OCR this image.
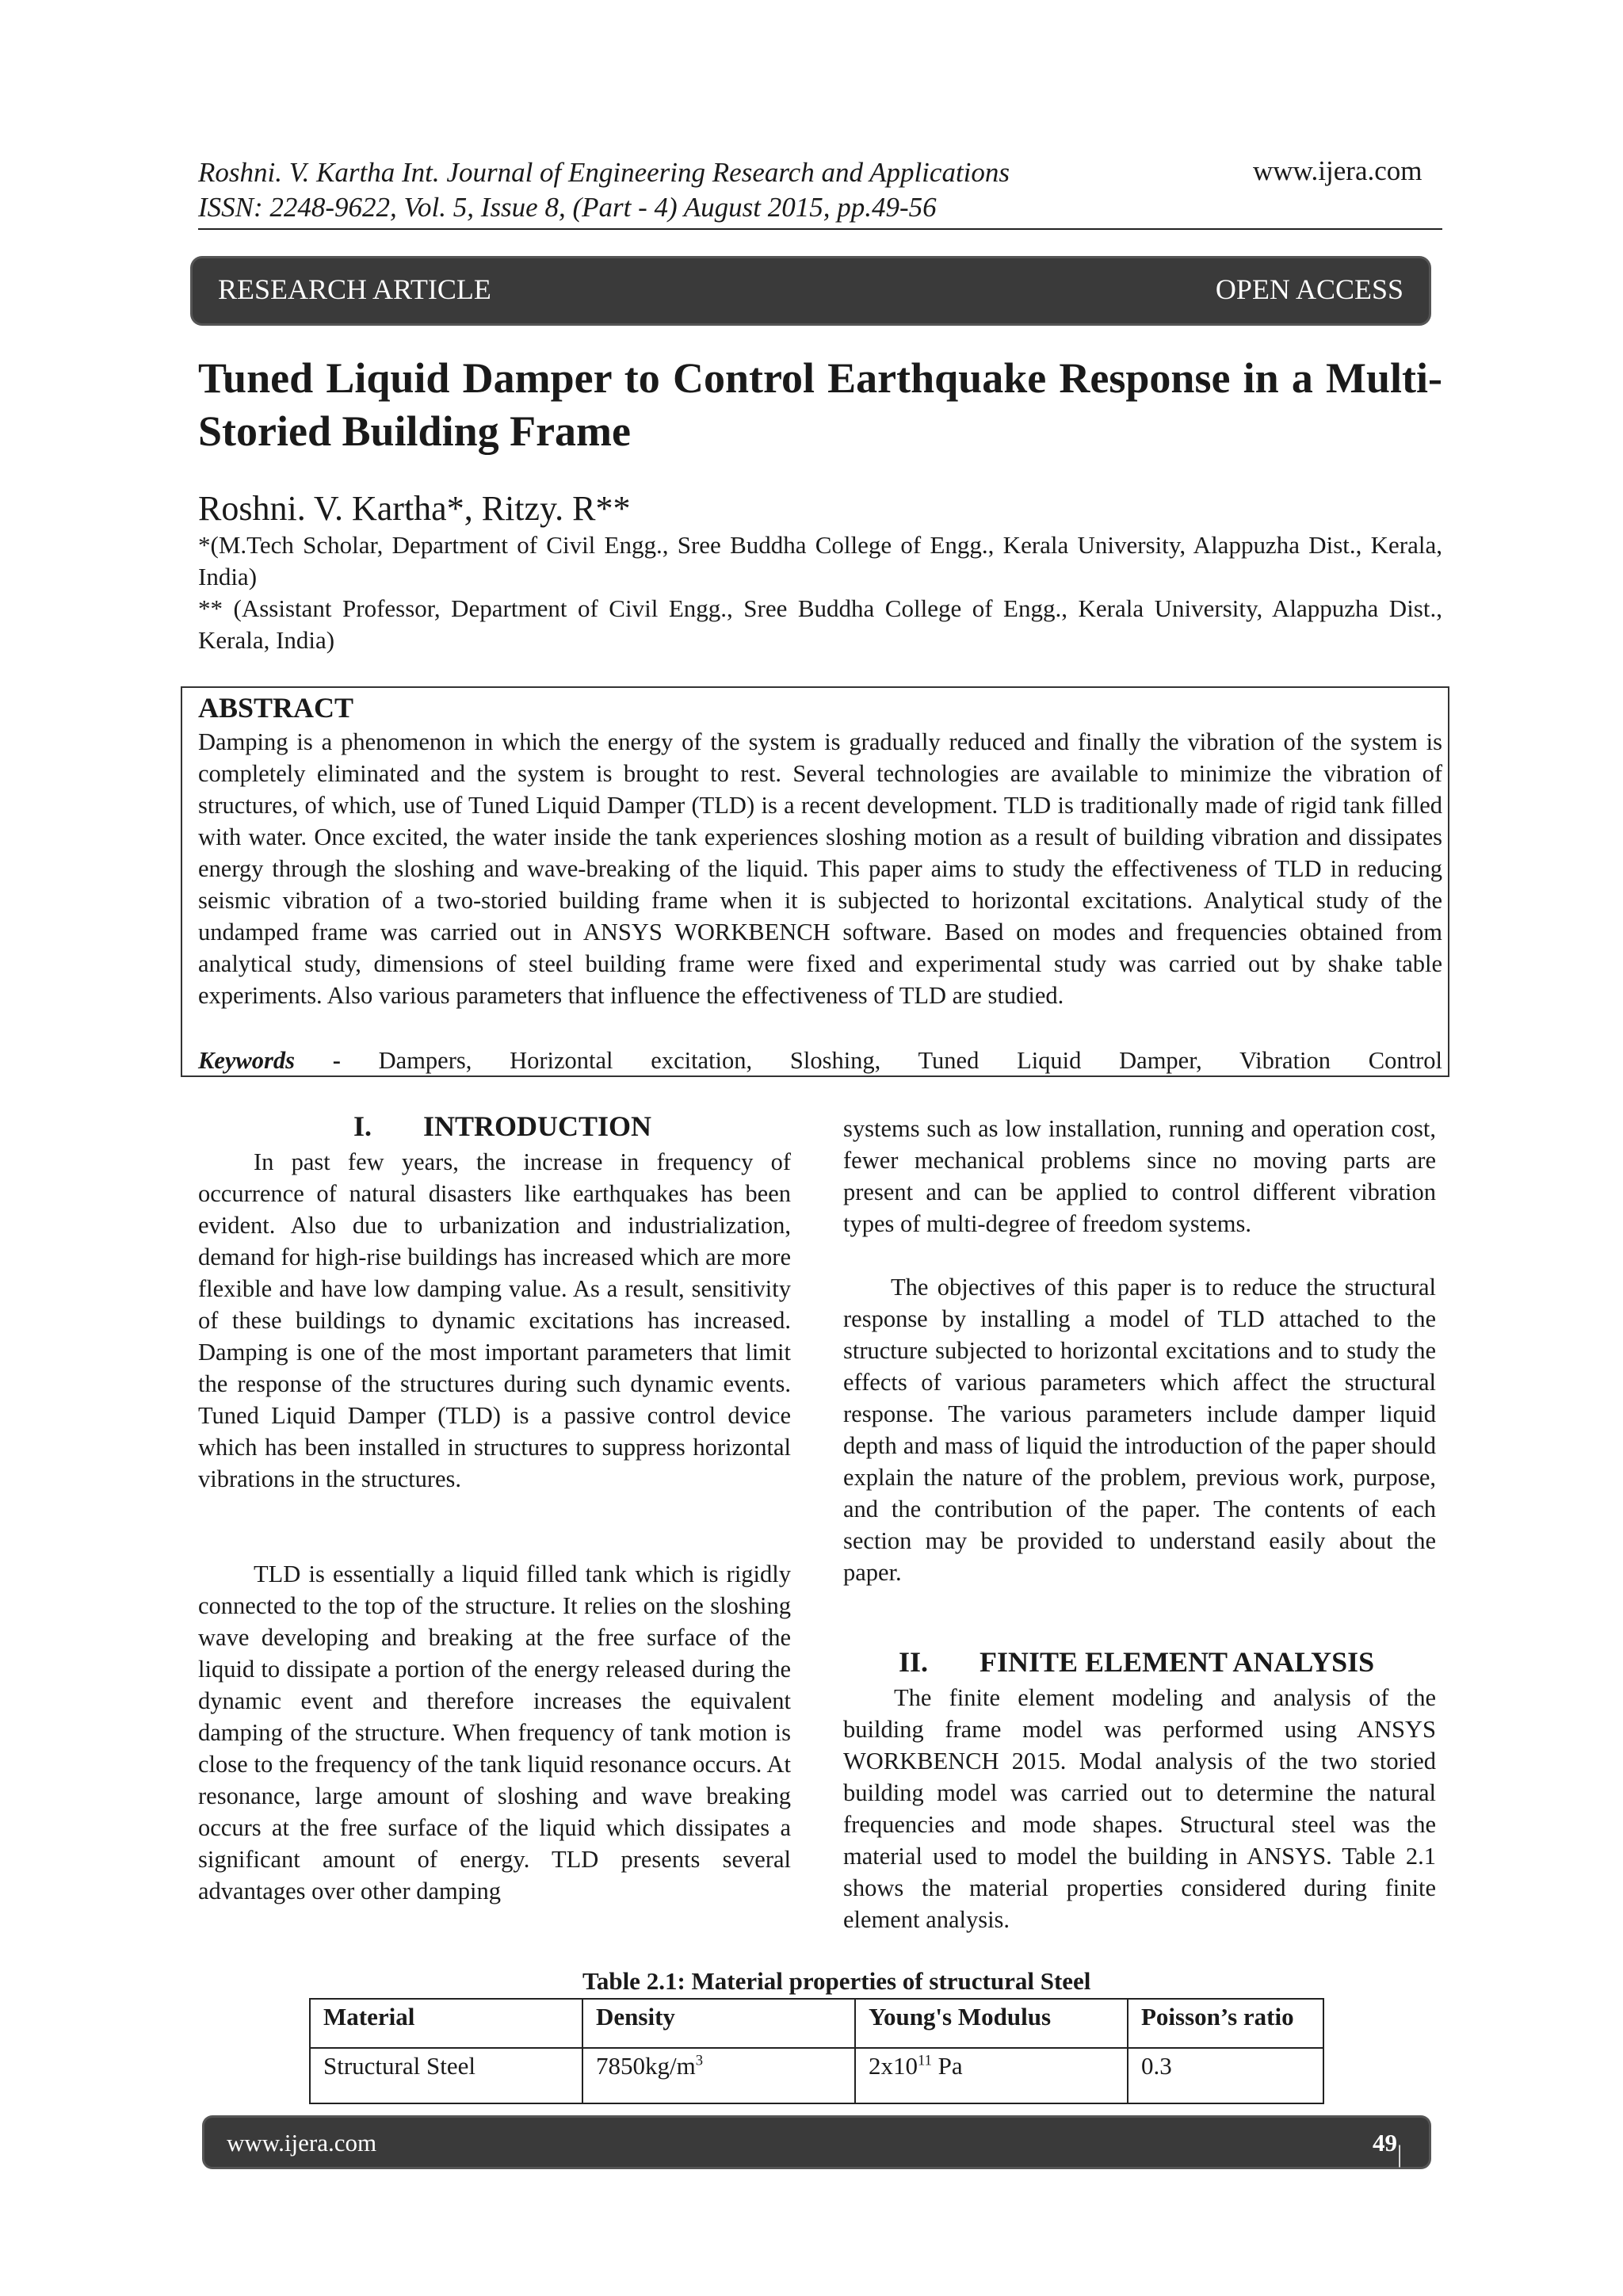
Roshni. V. Kartha Int. Journal of Engineering Research and Applications
ISSN: 2248-9622, Vol. 5, Issue 8, (Part - 4) August 2015, pp.49-56
www.ijera.com
RESEARCH ARTICLE	OPEN ACCESS
Tuned Liquid Damper to Control Earthquake Response in a Multi-Storied Building Frame
Roshni. V. Kartha*, Ritzy. R**
*(M.Tech Scholar, Department of Civil Engg., Sree Buddha College of Engg., Kerala University, Alappuzha Dist., Kerala, India)
** (Assistant Professor, Department of Civil Engg., Sree Buddha College of Engg., Kerala University, Alappuzha Dist., Kerala, India)
ABSTRACT
Damping is a phenomenon in which the energy of the system is gradually reduced and finally the vibration of the system is completely eliminated and the system is brought to rest. Several technologies are available to minimize the vibration of structures, of which, use of Tuned Liquid Damper (TLD) is a recent development. TLD is traditionally made of rigid tank filled with water. Once excited, the water inside the tank experiences sloshing motion as a result of building vibration and dissipates energy through the sloshing and wave-breaking of the liquid. This paper aims to study the effectiveness of TLD in reducing seismic vibration of a two-storied building frame when it is subjected to horizontal excitations. Analytical study of the undamped frame was carried out in ANSYS WORKBENCH software. Based on modes and frequencies obtained from analytical study, dimensions of steel building frame were fixed and experimental study was carried out by shake table experiments. Also various parameters that influence the effectiveness of TLD are studied.
Keywords - Dampers, Horizontal excitation, Sloshing, Tuned Liquid Damper, Vibration Control
I. INTRODUCTION
In past few years, the increase in frequency of occurrence of natural disasters like earthquakes has been evident. Also due to urbanization and industrialization, demand for high-rise buildings has increased which are more flexible and have low damping value. As a result, sensitivity of these buildings to dynamic excitations has increased. Damping is one of the most important parameters that limit the response of the structures during such dynamic events. Tuned Liquid Damper (TLD) is a passive control device which has been installed in structures to suppress horizontal vibrations in the structures.
TLD is essentially a liquid filled tank which is rigidly connected to the top of the structure. It relies on the sloshing wave developing and breaking at the free surface of the liquid to dissipate a portion of the energy released during the dynamic event and therefore increases the equivalent damping of the structure. When frequency of tank motion is close to the frequency of the tank liquid resonance occurs. At resonance, large amount of sloshing and wave breaking occurs at the free surface of the liquid which dissipates a significant amount of energy. TLD presents several advantages over other damping
systems such as low installation, running and operation cost, fewer mechanical problems since no moving parts are present and can be applied to control different vibration types of multi-degree of freedom systems.
The objectives of this paper is to reduce the structural response by installing a model of TLD attached to the structure subjected to horizontal excitations and to study the effects of various parameters which affect the structural response. The various parameters include damper liquid depth and mass of liquid the introduction of the paper should explain the nature of the problem, previous work, purpose, and the contribution of the paper. The contents of each section may be provided to understand easily about the paper.
II. FINITE ELEMENT ANALYSIS
The finite element modeling and analysis of the building frame model was performed using ANSYS WORKBENCH 2015. Modal analysis of the two storied building model was carried out to determine the natural frequencies and mode shapes. Structural steel was the material used to model the building in ANSYS. Table 2.1 shows the material properties considered during finite element analysis.
Table 2.1: Material properties of structural Steel
Material	Density	Young's Modulus	Poisson’s ratio
Structural Steel	$7850kg/m^3$	$2x10^{11}$ Pa	0.3
www.ijera.com	49 | P a g e
